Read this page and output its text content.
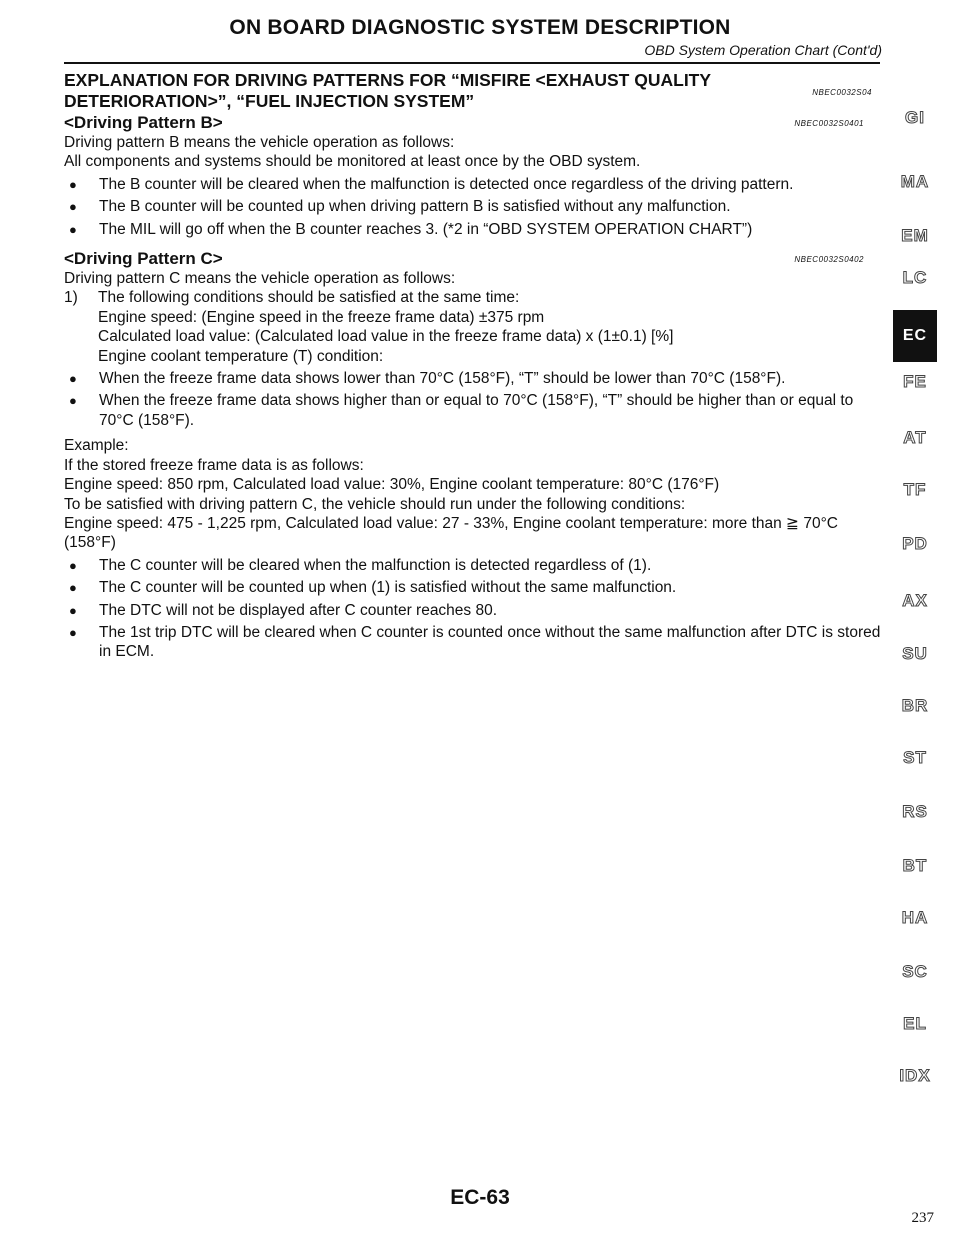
ON BOARD DIAGNOSTIC SYSTEM DESCRIPTION
OBD System Operation Chart (Cont'd)
EXPLANATION FOR DRIVING PATTERNS FOR “MISFIRE <EXHAUST QUALITY
DETERIORATION>”, “FUEL INJECTION SYSTEM”	NBEC0032S04
<Driving Pattern B>	NBEC0032S0401

Driving pattern B means the vehicle operation as follows:

All components and systems should be monitored at least once by the OBD system.

●	The B counter will be cleared when the malfunction is detected once regardless of the driving pattern.
●	The B counter will be counted up when driving pattern B is satisfied without any malfunction.
●	The MIL will go off when the B counter reaches 3. (*2 in “OBD SYSTEM OPERATION CHART”)
<Driving Pattern C>	NBEC0032S0402

Driving pattern C means the vehicle operation as follows:

1)	The following conditions should be satisfied at the same time:
Engine speed: (Engine speed in the freeze frame data) ±375 rpm
Calculated load value: (Calculated load value in the freeze frame data) x (1±0.1) [%]
Engine coolant temperature (T) condition:
●	When the freeze frame data shows lower than 70°C (158°F), “T” should be lower than 70°C (158°F).
●	When the freeze frame data shows higher than or equal to 70°C (158°F), “T” should be higher than or equal to 70°C (158°F).
Example:
If the stored freeze frame data is as follows:
Engine speed: 850 rpm, Calculated load value: 30%, Engine coolant temperature: 80°C (176°F)
To be satisfied with driving pattern C, the vehicle should run under the following conditions:
Engine speed: 475 - 1,225 rpm, Calculated load value: 27 - 33%, Engine coolant temperature: more than ≧ 70°C (158°F)
●	The C counter will be cleared when the malfunction is detected regardless of (1).
●	The C counter will be counted up when (1) is satisfied without the same malfunction.
●	The DTC will not be displayed after C counter reaches 80.
●	The 1st trip DTC will be cleared when C counter is counted once without the same malfunction after DTC is stored in ECM.
GI
MA
EM
LC
EC
FE
AT
TF
PD
AX
SU
BR
ST
RS
BT
HA
SC
EL
IDX
EC-63
237
